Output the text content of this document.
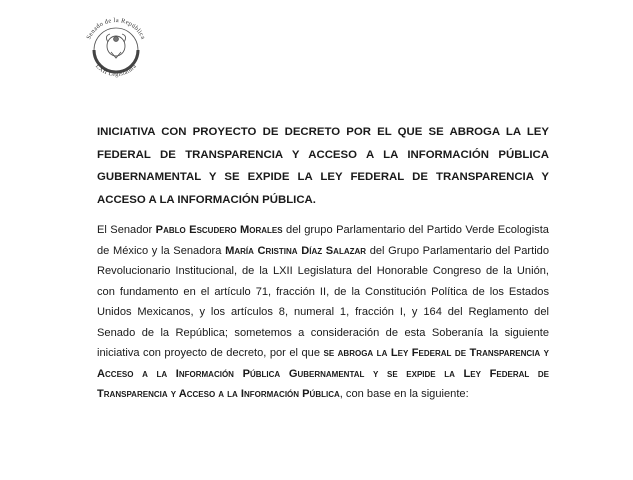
Senado de la República
LXII Legislatura
INICIATIVA CON PROYECTO DE DECRETO POR EL QUE SE ABROGA LA LEY FEDERAL DE TRANSPARENCIA Y ACCESO A LA INFORMACIÓN PÚBLICA GUBERNAMENTAL Y SE EXPIDE LA LEY FEDERAL DE TRANSPARENCIA Y ACCESO A LA INFORMACIÓN PÚBLICA.
El Senador Pablo Escudero Morales del grupo Parlamentario del Partido Verde Ecologista de México y la Senadora María Cristina Díaz Salazar del Grupo Parlamentario del Partido Revolucionario Institucional, de la LXII Legislatura del Honorable Congreso de la Unión, con fundamento en el artículo 71, fracción II, de la Constitución Política de los Estados Unidos Mexicanos, y los artículos 8, numeral 1, fracción I, y 164 del Reglamento del Senado de la República; sometemos a consideración de esta Soberanía la siguiente iniciativa con proyecto de decreto, por el que se abroga la Ley Federal de Transparencia y Acceso a la Información Pública Gubernamental y se expide la Ley Federal de Transparencia y Acceso a la Información Pública, con base en la siguiente:
